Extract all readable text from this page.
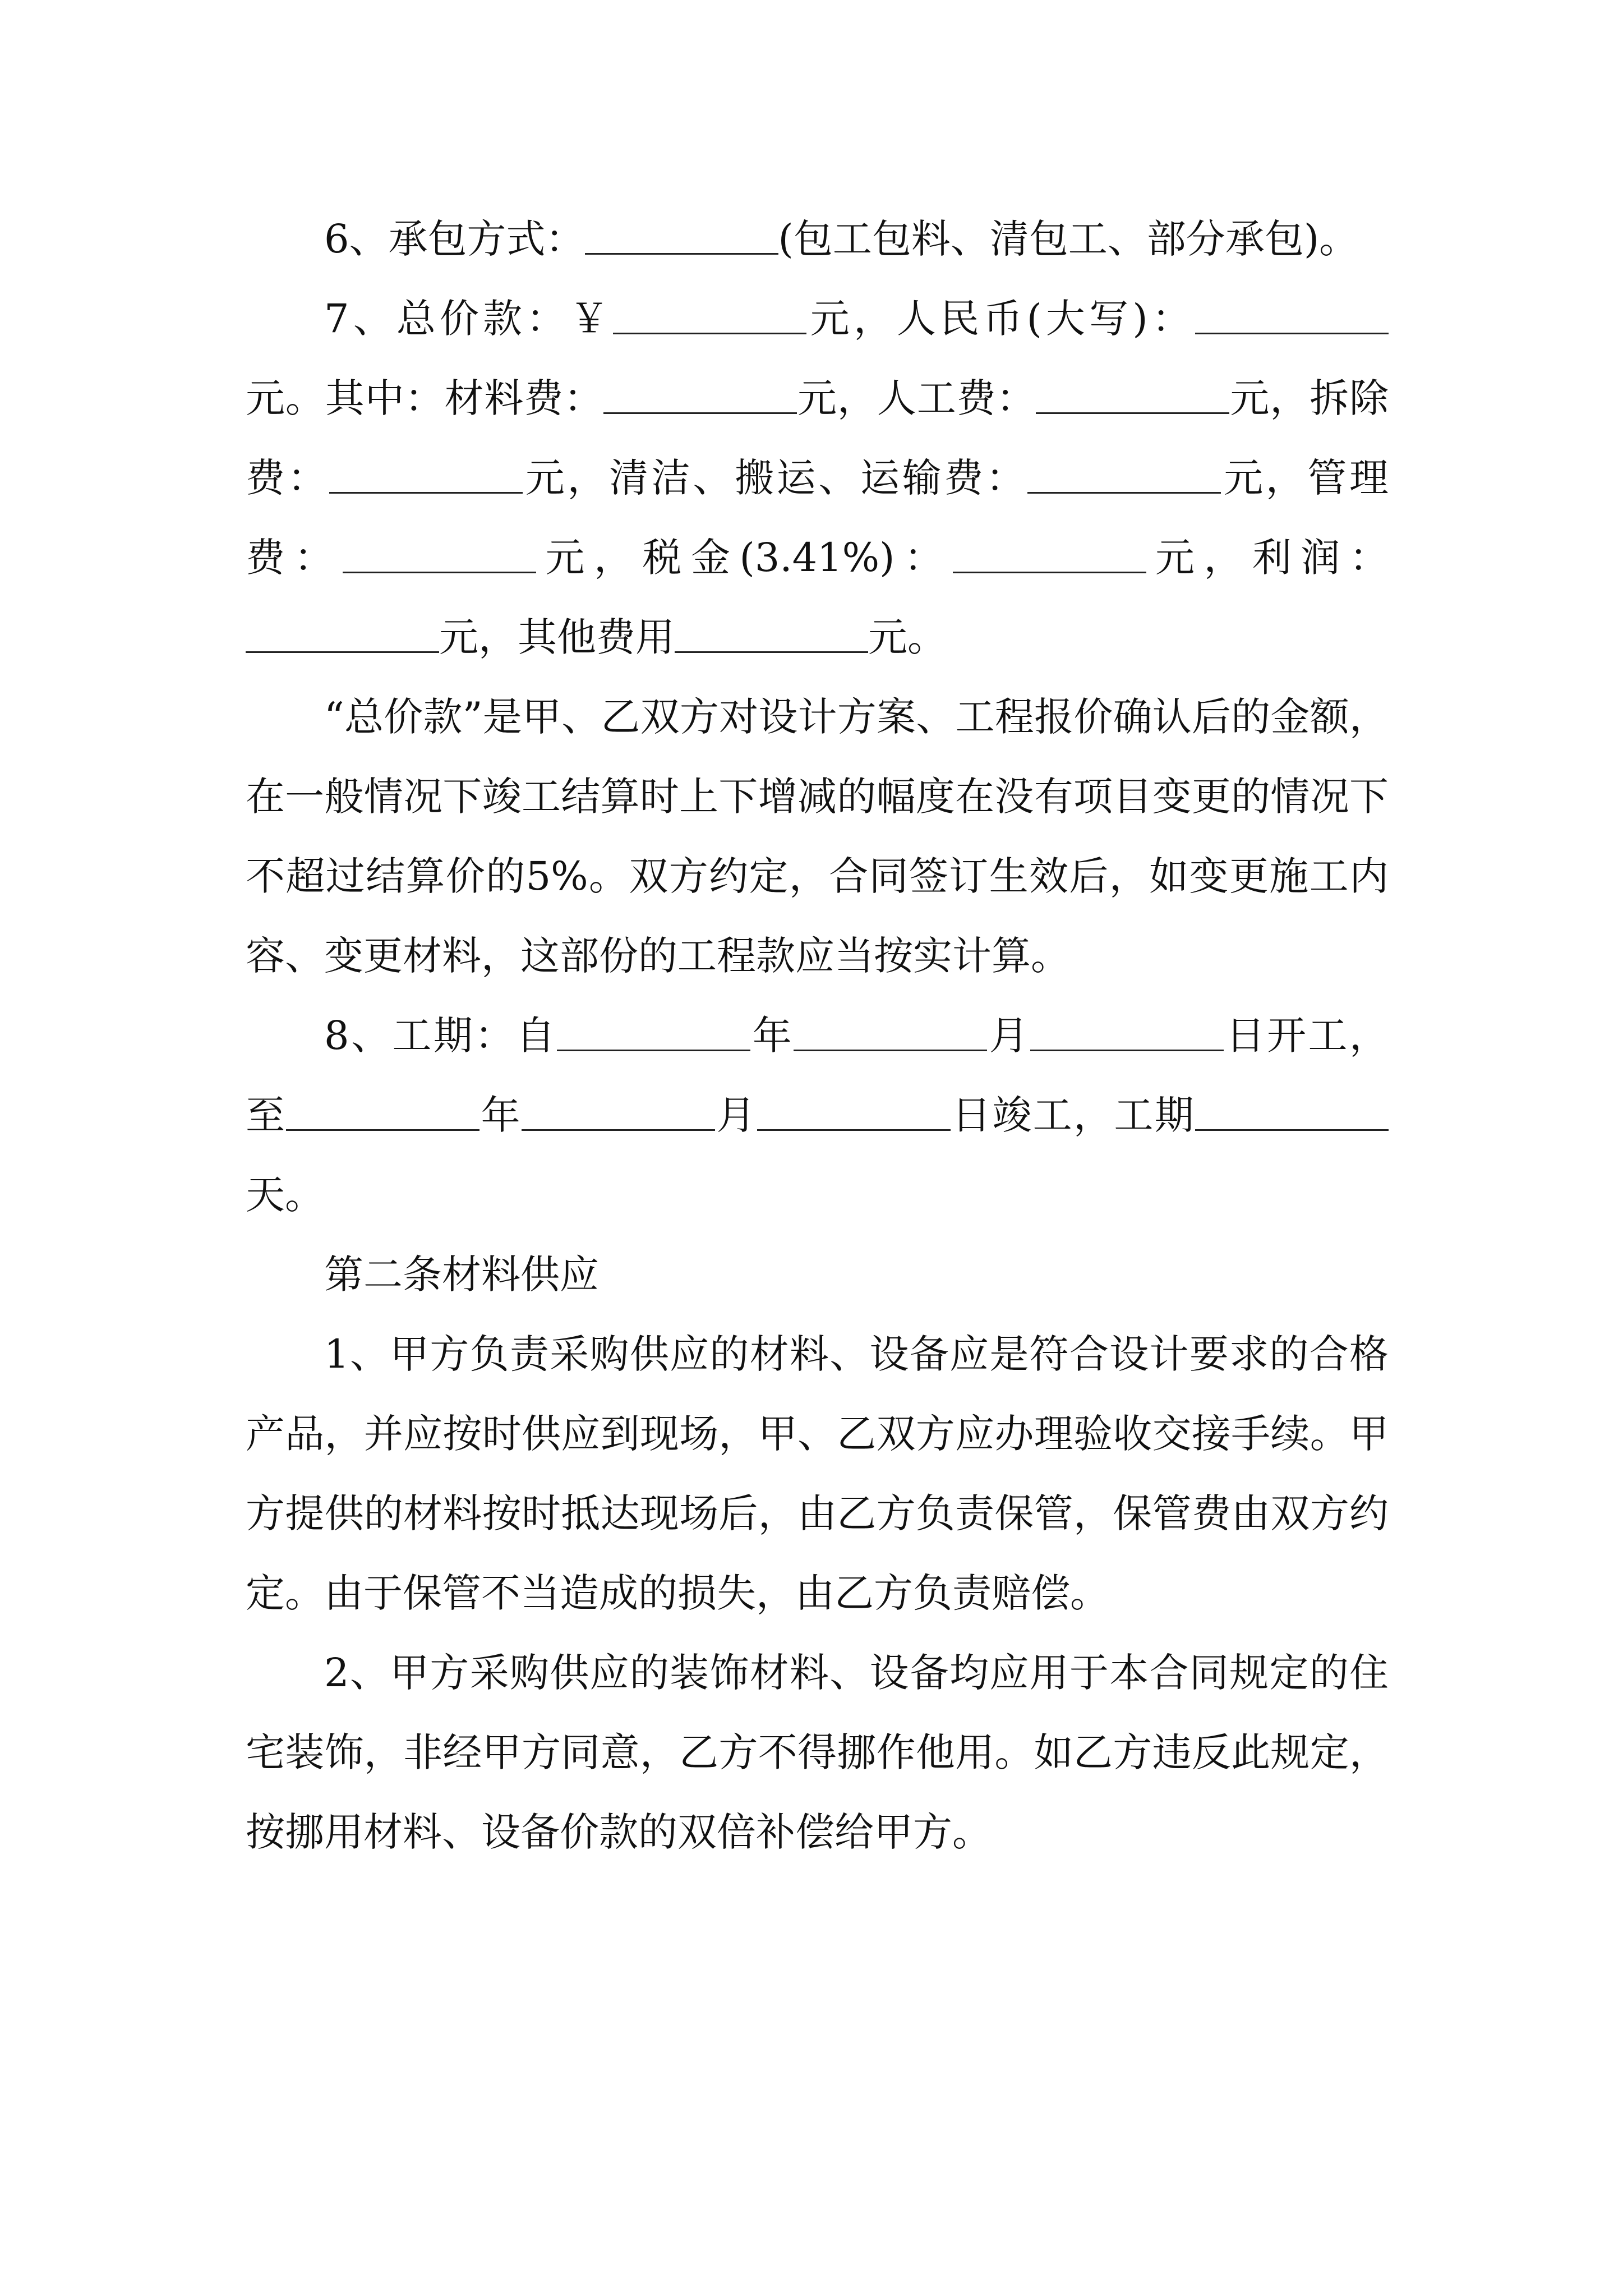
6、承包方式：	(包工包料、清包工、部分承包)。

7、总价款：￥	元，人民币(大写)：元。其中：材料费：	元，人工费：	元，拆除费：	元，清洁、搬运、运输费：	元，管理费：	元，税金(3.41%)：	元，利润：元，其他费用	元。

“总价款”是甲、乙双方对设计方案、工程报价确认后的金额，在一般情况下竣工结算时上下增减的幅度在没有项目变更的情况下不超过结算价的5%。双方约定，合同签订生效后，如变更施工内容、变更材料，这部份的工程款应当按实计算。

8、工期：自	年	月	日开工，至	年	月	日竣工，工期天。

第二条材料供应

1、甲方负责采购供应的材料、设备应是符合设计要求的合格产品，并应按时供应到现场，甲、乙双方应办理验收交接手续。甲方提供的材料按时抵达现场后，由乙方负责保管，保管费由双方约定。由于保管不当造成的损失，由乙方负责赔偿。

2、甲方采购供应的装饰材料、设备均应用于本合同规定的住宅装饰，非经甲方同意，乙方不得挪作他用。如乙方违反此规定，按挪用材料、设备价款的双倍补偿给甲方。
